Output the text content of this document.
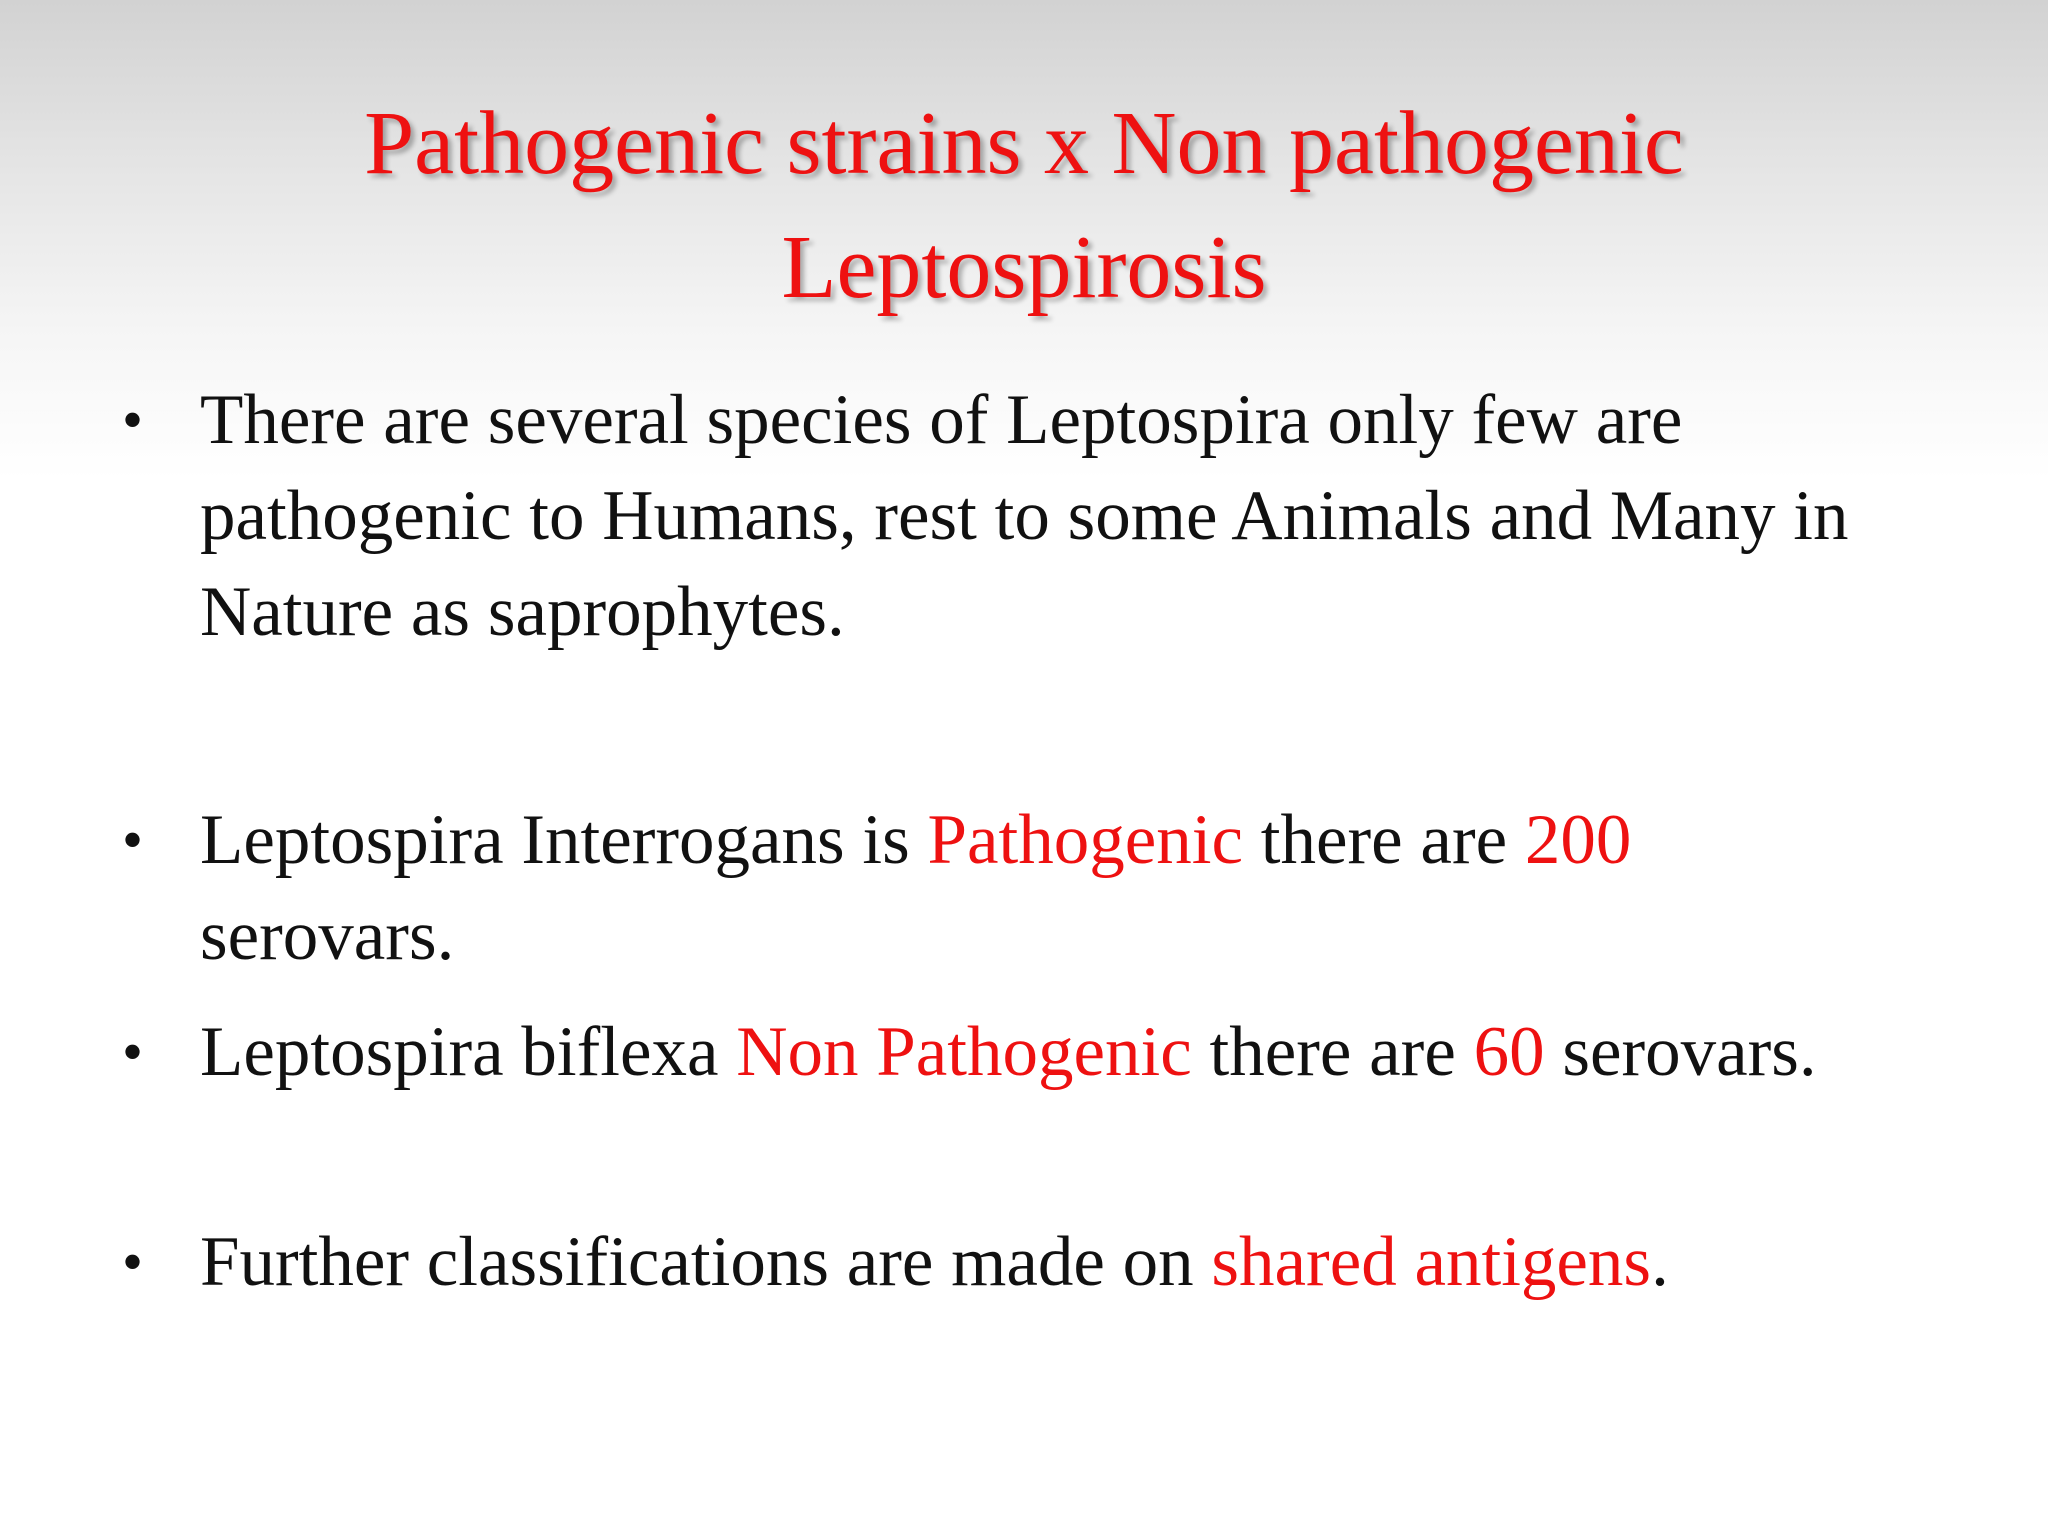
Pathogenic strains x Non pathogenic
Leptospirosis
• There are several species of Leptospira only few are pathogenic to Humans, rest to some Animals and Many in Nature as saprophytes.
• Leptospira Interrogans is Pathogenic there are 200 serovars.
• Leptospira biflexa Non Pathogenic there are 60 serovars.
• Further classifications are made on shared antigens.
